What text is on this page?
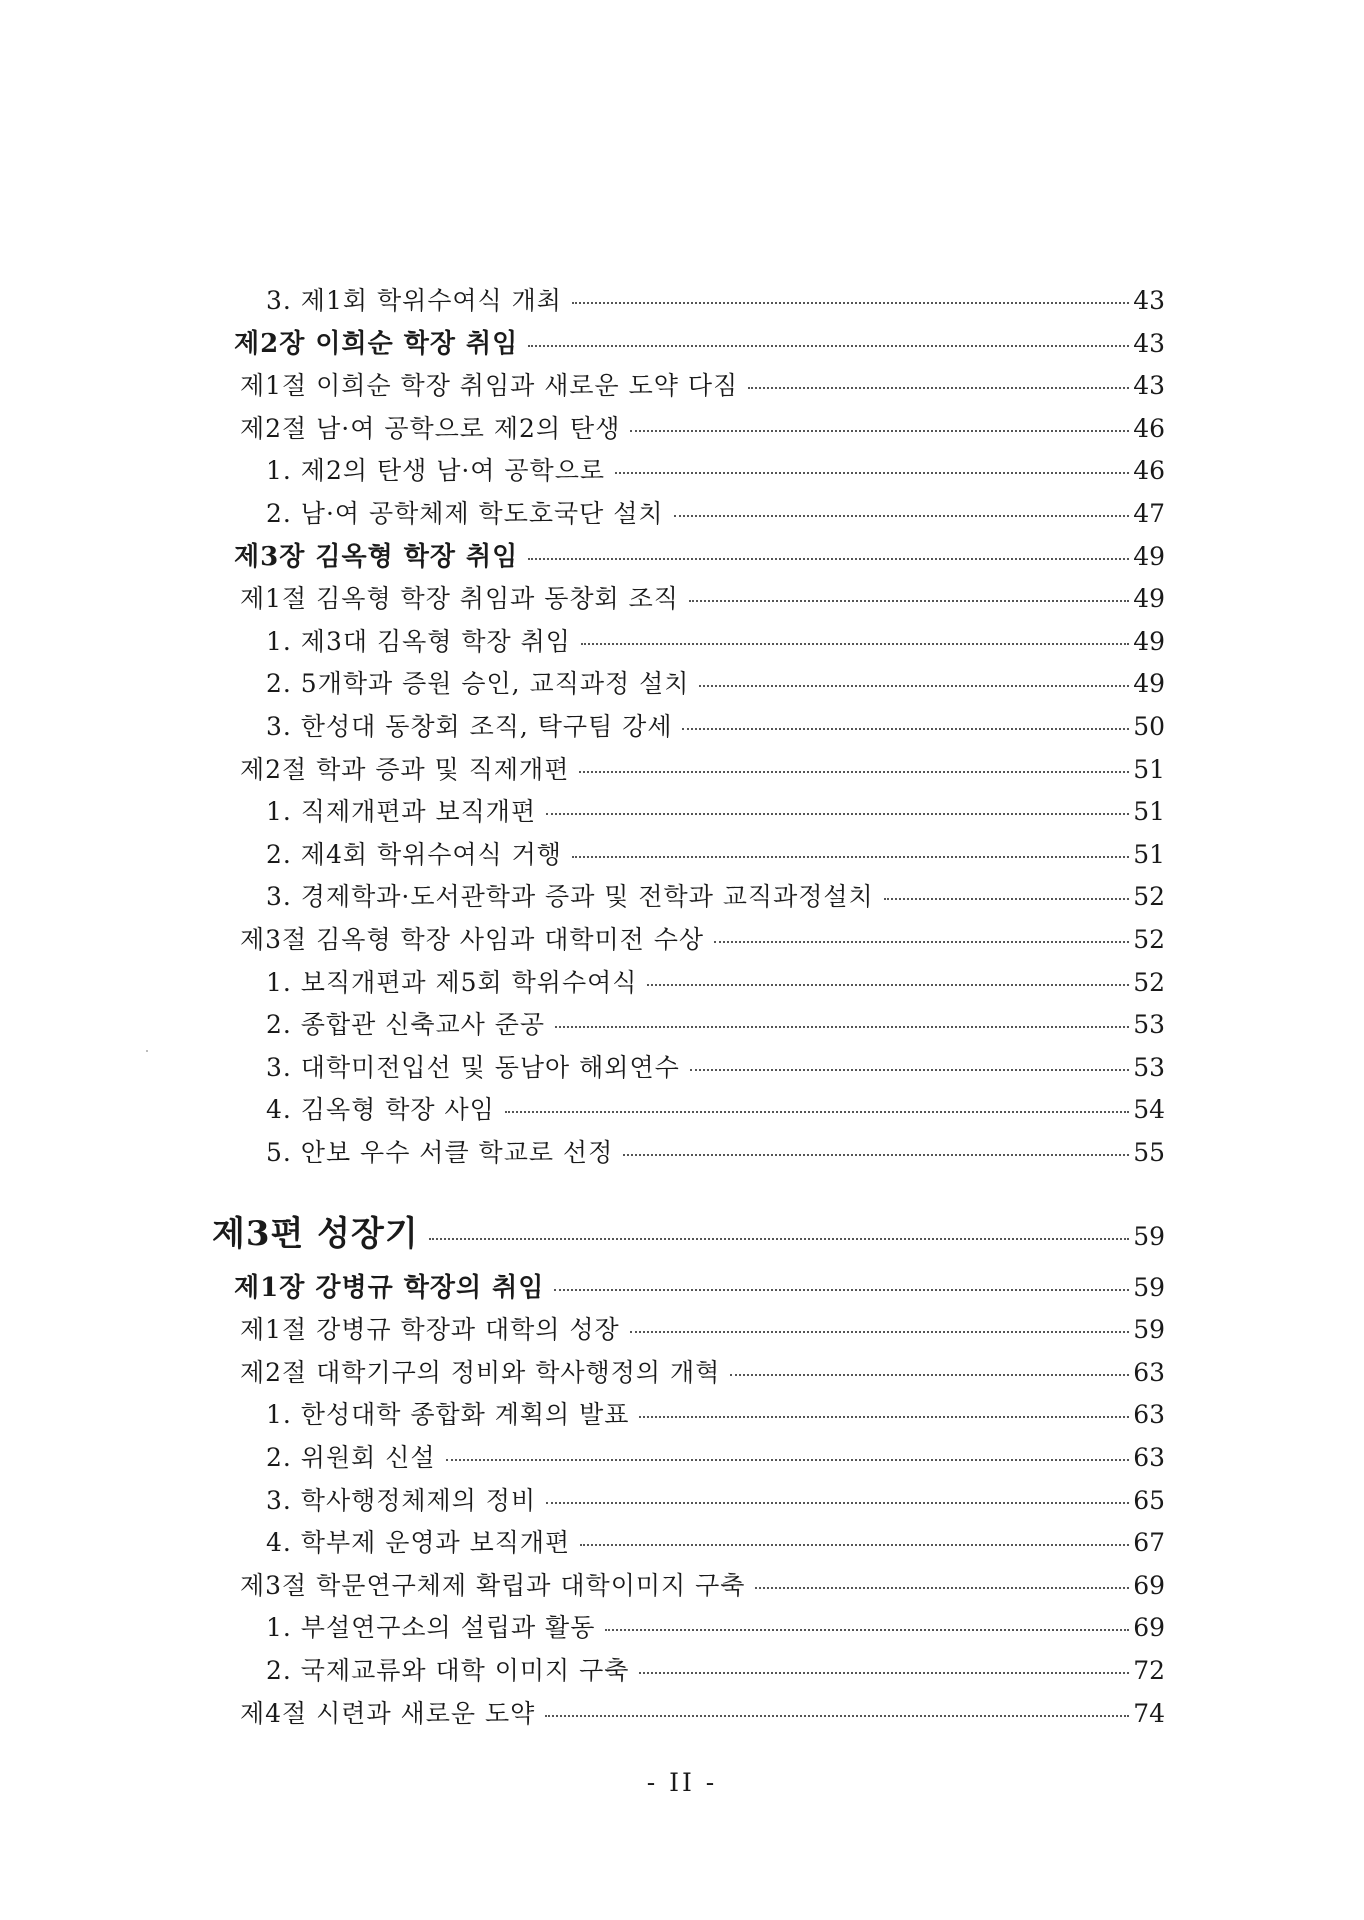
3. 제1회 학위수여식 개최	43
제2장 이희순 학장 취임	43
제1절 이희순 학장 취임과 새로운 도약 다짐	43
제2절 남·여 공학으로 제2의 탄생	46
1. 제2의 탄생 남·여 공학으로	46
2. 남·여 공학체제 학도호국단 설치	47
제3장 김옥형 학장 취임	49
제1절 김옥형 학장 취임과 동창회 조직	49
1. 제3대 김옥형 학장 취임	49
2. 5개학과 증원 승인, 교직과정 설치	49
3. 한성대 동창회 조직, 탁구팀 강세	50
제2절 학과 증과 및 직제개편	51
1. 직제개편과 보직개편	51
2. 제4회 학위수여식 거행	51
3. 경제학과·도서관학과 증과 및 전학과 교직과정설치	52
제3절 김옥형 학장 사임과 대학미전 수상	52
1. 보직개편과 제5회 학위수여식	52
2. 종합관 신축교사 준공	53
3. 대학미전입선 및 동남아 해외연수	53
4. 김옥형 학장 사임	54
5. 안보 우수 서클 학교로 선정	55
제3편 성장기	59
제1장 강병규 학장의 취임	59
제1절 강병규 학장과 대학의 성장	59
제2절 대학기구의 정비와 학사행정의 개혁	63
1. 한성대학 종합화 계획의 발표	63
2. 위원회 신설	63
3. 학사행정체제의 정비	65
4. 학부제 운영과 보직개편	67
제3절 학문연구체제 확립과 대학이미지 구축	69
1. 부설연구소의 설립과 활동	69
2. 국제교류와 대학 이미지 구축	72
제4절 시련과 새로운 도약	74
- II -
